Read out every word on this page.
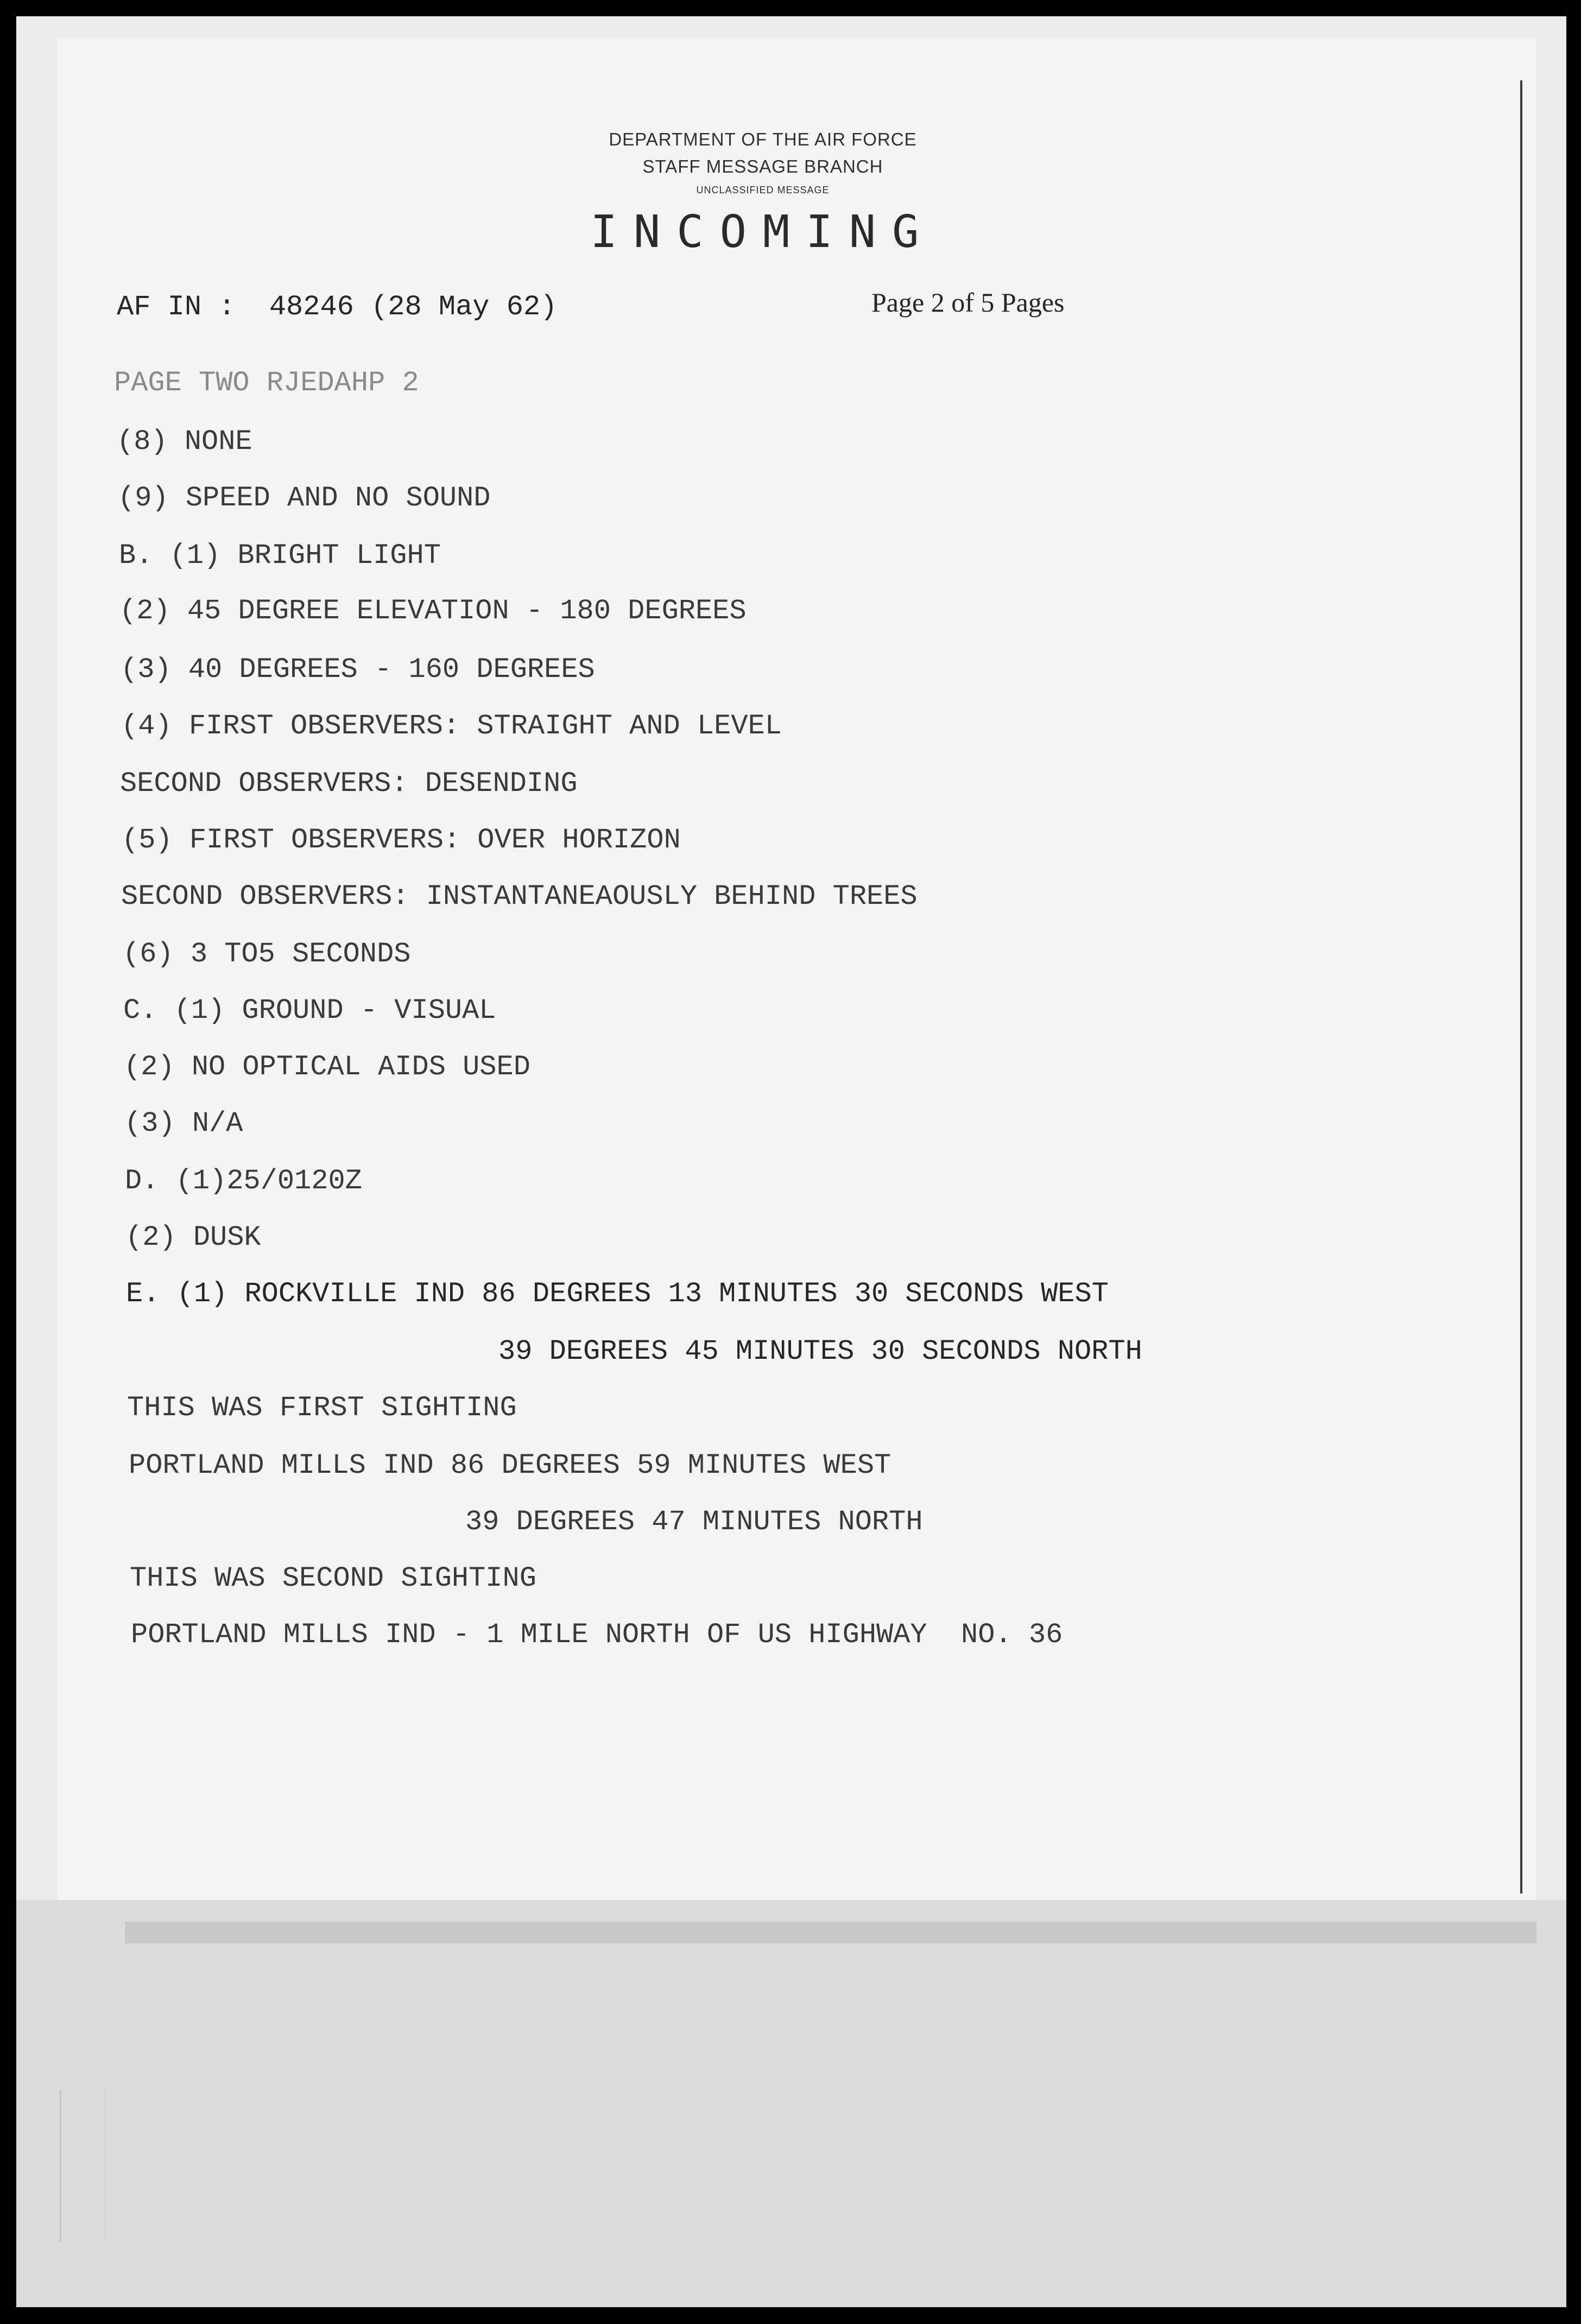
DEPARTMENT OF THE AIR FORCE
STAFF MESSAGE BRANCH
UNCLASSIFIED MESSAGE
INCOMING
AF IN :  48246 (28 May 62)	Page 2 of 5 Pages
PAGE TWO RJEDAHP 2
(8) NONE
(9) SPEED AND NO SOUND
B. (1) BRIGHT LIGHT
(2) 45 DEGREE ELEVATION - 180 DEGREES
(3) 40 DEGREES - 160 DEGREES
(4) FIRST OBSERVERS: STRAIGHT AND LEVEL
SECOND OBSERVERS: DESENDING
(5) FIRST OBSERVERS: OVER HORIZON
SECOND OBSERVERS: INSTANTANEAOUSLY BEHIND TREES
(6) 3 TO5 SECONDS
C. (1) GROUND - VISUAL
(2) NO OPTICAL AIDS USED
(3) N/A
D. (1)25/0120Z
(2) DUSK
E. (1) ROCKVILLE IND 86 DEGREES 13 MINUTES 30 SECONDS WEST
39 DEGREES 45 MINUTES 30 SECONDS NORTH
THIS WAS FIRST SIGHTING
PORTLAND MILLS IND 86 DEGREES 59 MINUTES WEST
39 DEGREES 47 MINUTES NORTH
THIS WAS SECOND SIGHTING
PORTLAND MILLS IND - 1 MILE NORTH OF US HIGHWAY  NO. 36
